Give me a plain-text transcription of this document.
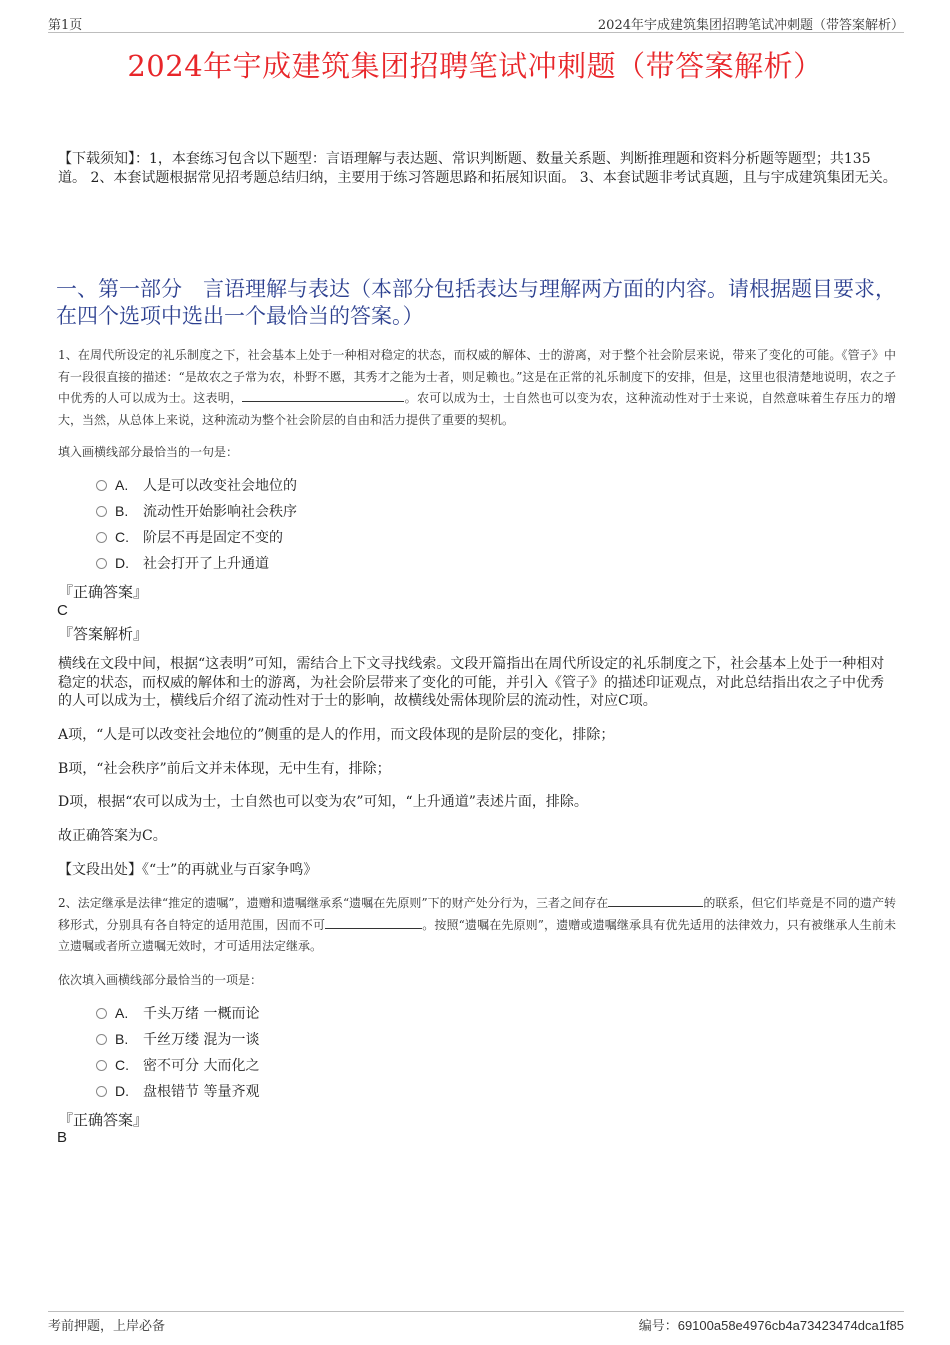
第1页	2024年宇成建筑集团招聘笔试冲刺题（带答案解析）
2024年宇成建筑集团招聘笔试冲刺题（带答案解析）
【下载须知】：1，本套练习包含以下题型：言语理解与表达题、常识判断题、数量关系题、判断推理题和资料分析题等题型；共135道。 2、本套试题根据常见招考题总结归纳，主要用于练习答题思路和拓展知识面。 3、本套试题非考试真题，且与宇成建筑集团无关。
一、第一部分　言语理解与表达（本部分包括表达与理解两方面的内容。请根据题目要求，在四个选项中选出一个最恰当的答案。）
1、在周代所设定的礼乐制度之下，社会基本上处于一种相对稳定的状态，而权威的解体、士的游离，对于整个社会阶层来说，带来了变化的可能。《管子》中有一段很直接的描述：“是故农之子常为农，朴野不慝，其秀才之能为士者，则足赖也。”这是在正常的礼乐制度下的安排，但是，这里也很清楚地说明，农之子中优秀的人可以成为士。这表明，	。农可以成为士，士自然也可以变为农，这种流动性对于士来说，自然意味着生存压力的增大，当然，从总体上来说，这种流动为整个社会阶层的自由和活力提供了重要的契机。
填入画横线部分最恰当的一句是：
A. 人是可以改变社会地位的
B. 流动性开始影响社会秩序
C. 阶层不再是固定不变的
D. 社会打开了上升通道
『正确答案』
C
『答案解析』
横线在文段中间，根据“这表明”可知，需结合上下文寻找线索。文段开篇指出在周代所设定的礼乐制度之下，社会基本上处于一种相对稳定的状态，而权威的解体和士的游离，为社会阶层带来了变化的可能，并引入《管子》的描述印证观点，对此总结指出农之子中优秀的人可以成为士，横线后介绍了流动性对于士的影响，故横线处需体现阶层的流动性，对应C项。
A项，“人是可以改变社会地位的”侧重的是人的作用，而文段体现的是阶层的变化，排除；
B项，“社会秩序”前后文并未体现，无中生有，排除；
D项，根据“农可以成为士，士自然也可以变为农”可知，“上升通道”表述片面，排除。
故正确答案为C。
【文段出处】《“士”的再就业与百家争鸣》
2、法定继承是法律“推定的遗嘱”，遗赠和遗嘱继承系“遗嘱在先原则”下的财产处分行为，三者之间存在	的联系，但它们毕竟是不同的遗产转移形式，分别具有各自特定的适用范围，因而不可	。按照“遗嘱在先原则”，遗赠或遗嘱继承具有优先适用的法律效力，只有被继承人生前未立遗嘱或者所立遗嘱无效时，才可适用法定继承。
依次填入画横线部分最恰当的一项是：
A. 千头万绪 一概而论
B. 千丝万缕 混为一谈
C. 密不可分 大而化之
D. 盘根错节 等量齐观
『正确答案』
B
考前押题，上岸必备	编号：69100a58e4976cb4a73423474dca1f85
